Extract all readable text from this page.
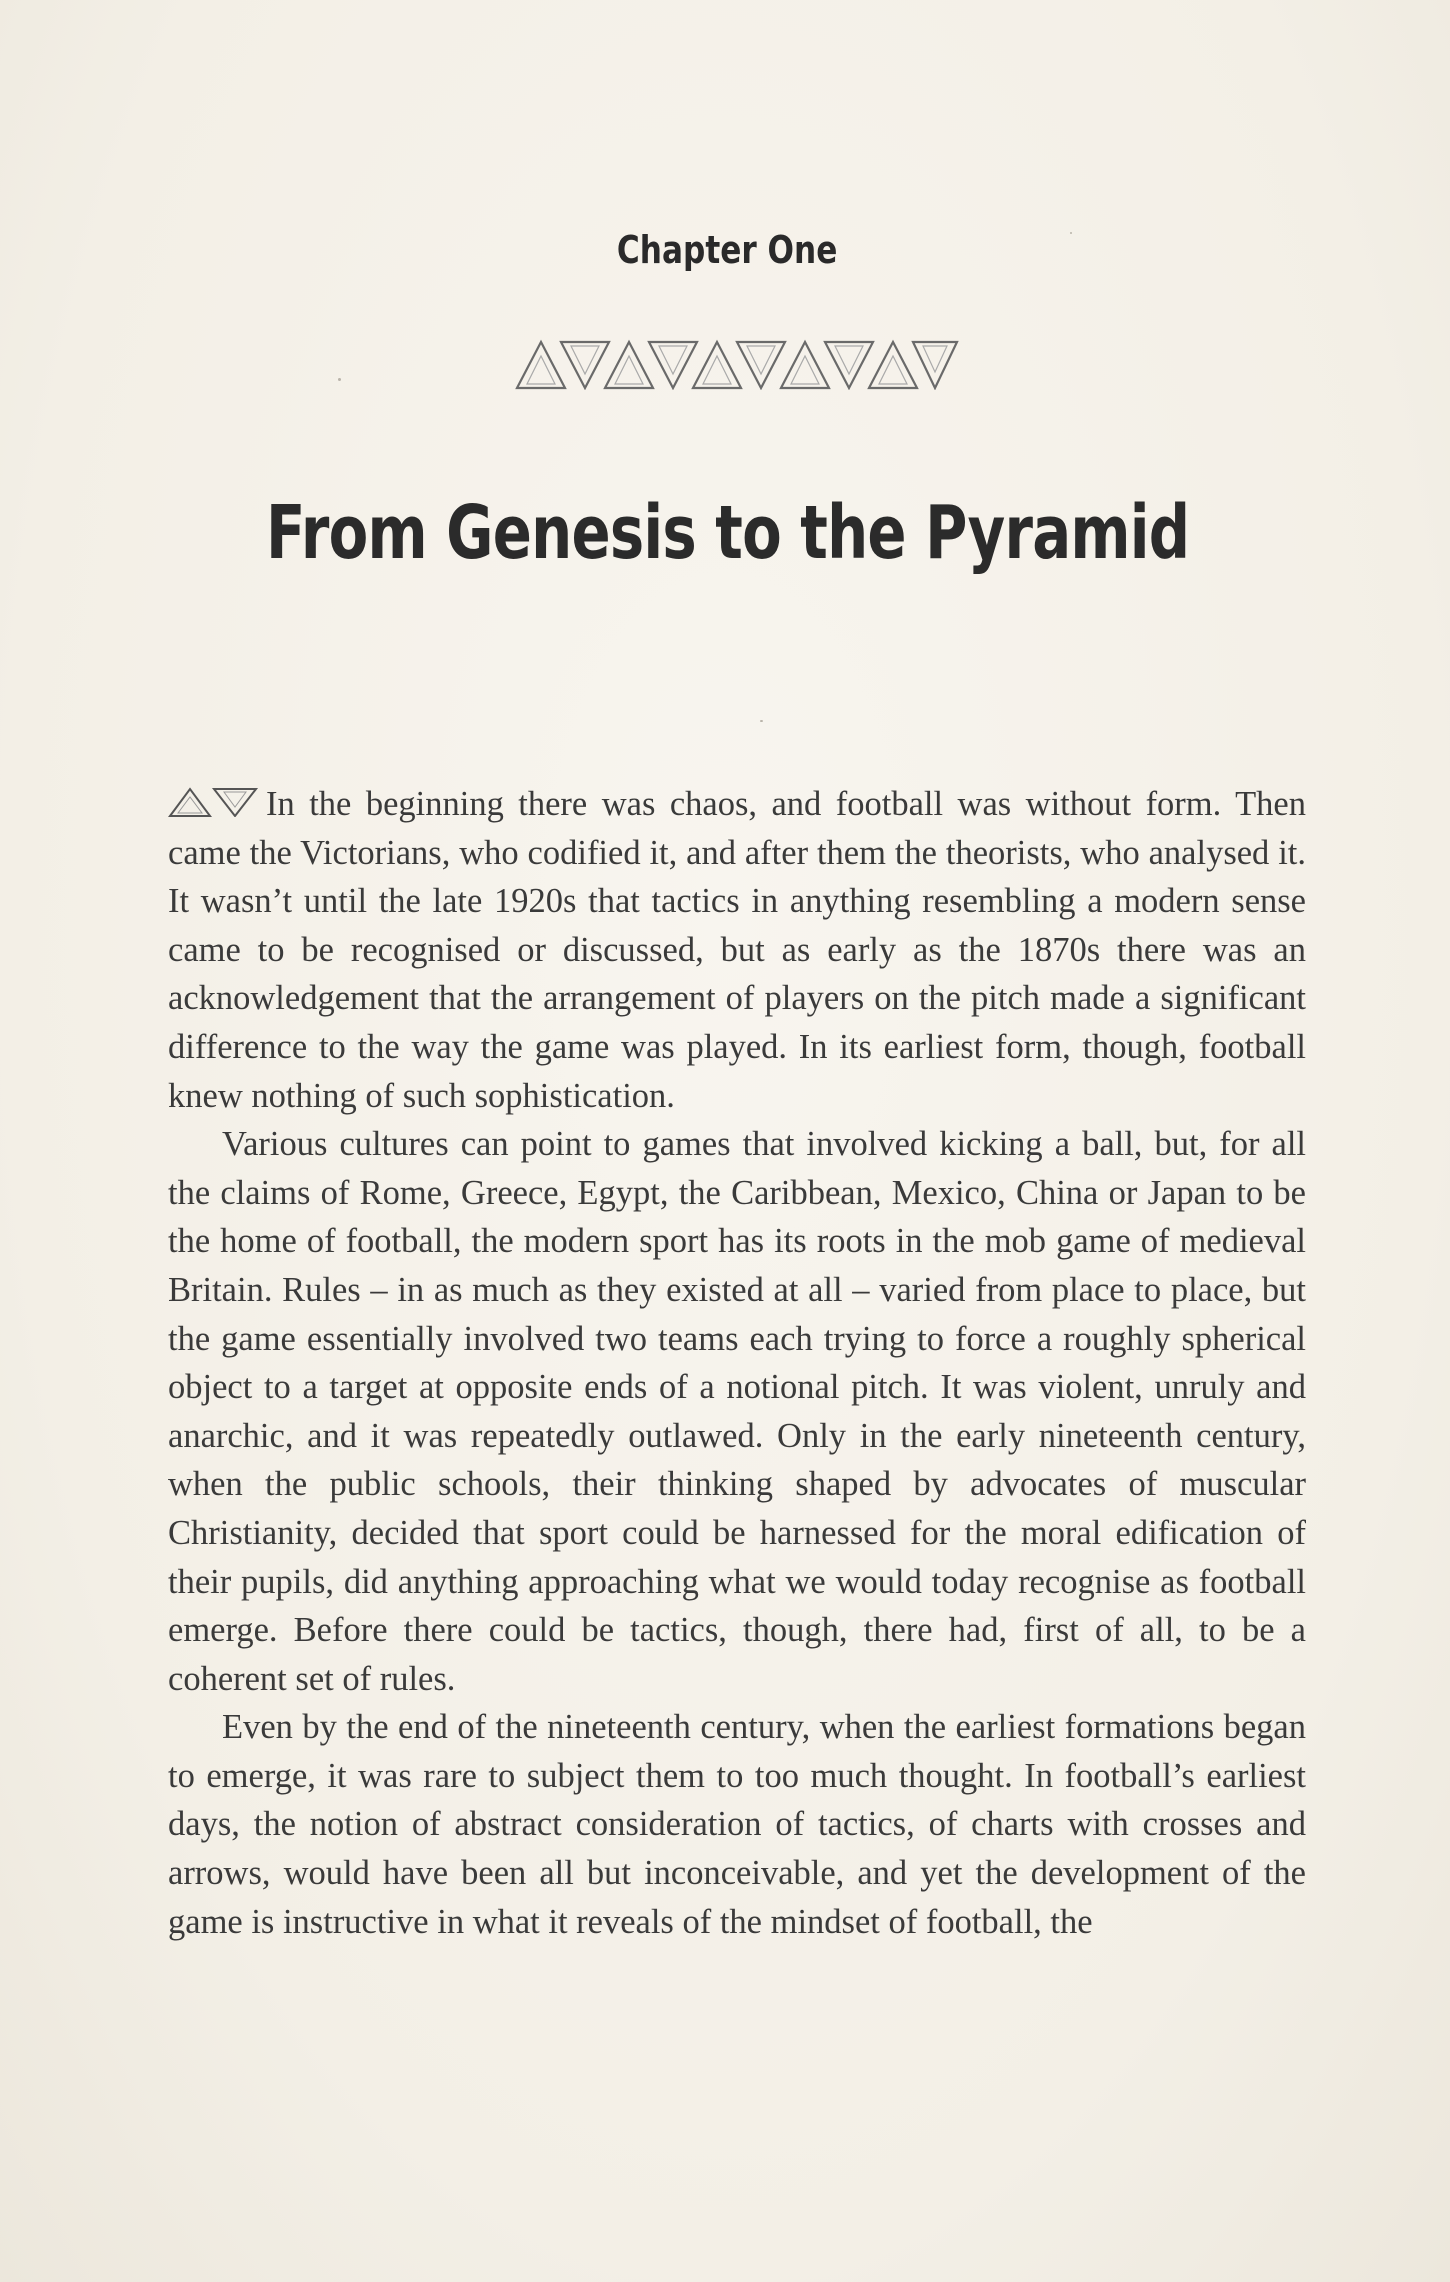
Chapter One
From Genesis to the Pyramid

In the beginning there was chaos, and football was without form. Then came the Victorians, who codified it, and after them the theorists, who analysed it. It wasn’t until the late 1920s that tactics in anything resembling a modern sense came to be recognised or discussed, but as early as the 1870s there was an acknowledgement that the arrangement of players on the pitch made a significant difference to the way the game was played. In its earliest form, though, football knew nothing of such sophistication.

Various cultures can point to games that involved kicking a ball, but, for all the claims of Rome, Greece, Egypt, the Caribbean, Mexico, China or Japan to be the home of football, the modern sport has its roots in the mob game of medieval Britain. Rules – in as much as they existed at all – varied from place to place, but the game essentially involved two teams each trying to force a roughly spherical object to a target at opposite ends of a notional pitch. It was violent, unruly and anarchic, and it was repeatedly outlawed. Only in the early nineteenth century, when the public schools, their thinking shaped by advocates of muscular Christianity, decided that sport could be harnessed for the moral edification of their pupils, did anything approaching what we would today recognise as football emerge. Before there could be tactics, though, there had, first of all, to be a coherent set of rules.

Even by the end of the nineteenth century, when the earliest formations began to emerge, it was rare to subject them to too much thought. In football’s earliest days, the notion of abstract consideration of tactics, of charts with crosses and arrows, would have been all but inconceivable, and yet the development of the game is instructive in what it reveals of the mindset of football, the
